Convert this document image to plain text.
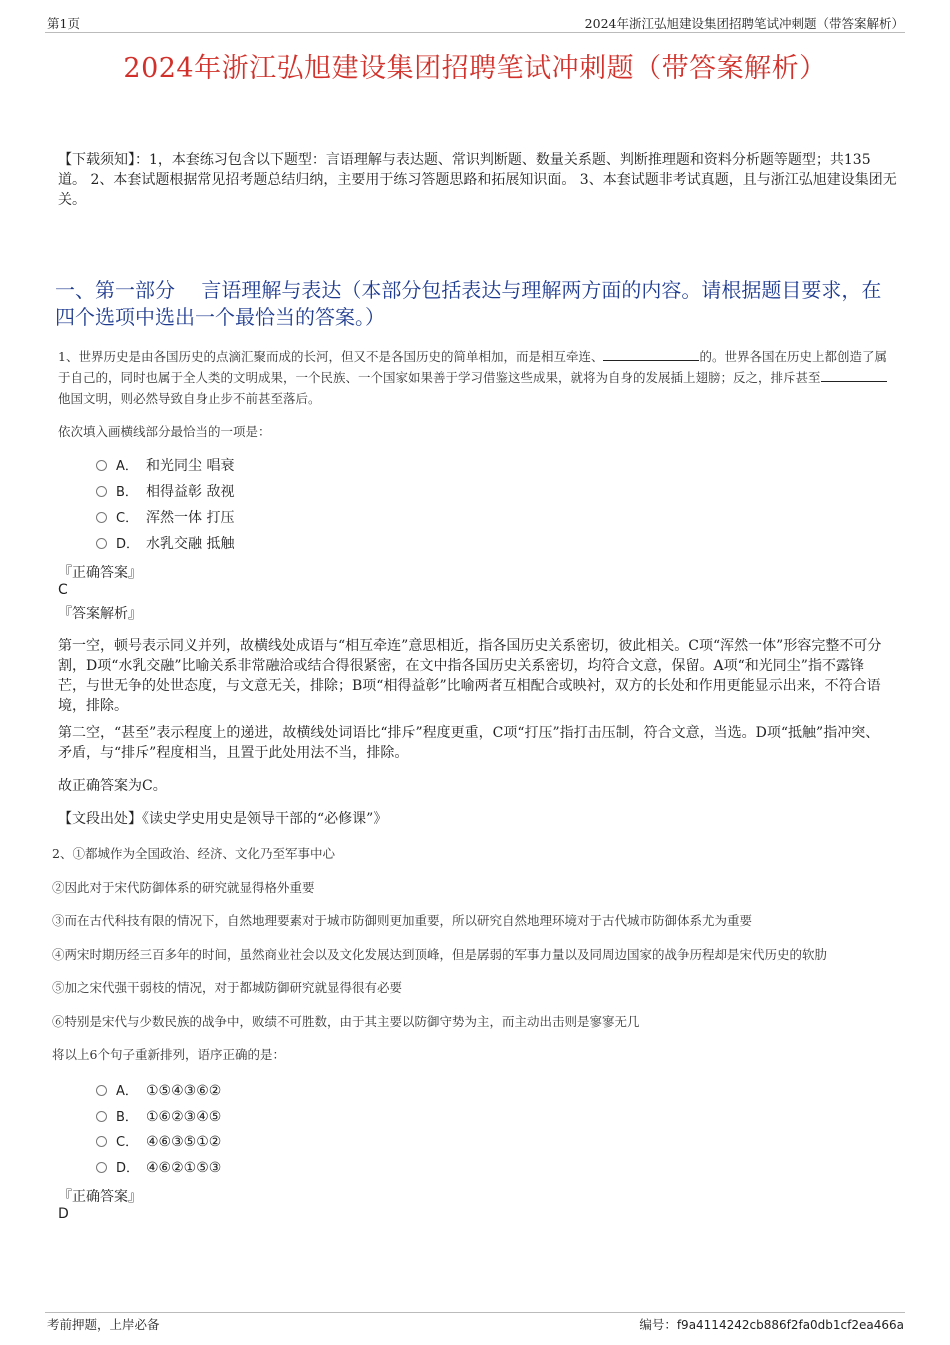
第1页	2024年浙江弘旭建设集团招聘笔试冲刺题（带答案解析）
2024年浙江弘旭建设集团招聘笔试冲刺题（带答案解析）
【下载须知】：1，本套练习包含以下题型：言语理解与表达题、常识判断题、数量关系题、判断推理题和资料分析题等题型；共135道。 2、本套试题根据常见招考题总结归纳，主要用于练习答题思路和拓展知识面。 3、本套试题非考试真题，且与浙江弘旭建设集团无关。
一、第一部分　 言语理解与表达（本部分包括表达与理解两方面的内容。请根据题目要求，在四个选项中选出一个最恰当的答案。）
1、世界历史是由各国历史的点滴汇聚而成的长河，但又不是各国历史的简单相加，而是相互牵连、	的。世界各国在历史上都创造了属于自己的，同时也属于全人类的文明成果，一个民族、一个国家如果善于学习借鉴这些成果，就将为自身的发展插上翅膀；反之，排斥甚至他国文明，则必然导致自身止步不前甚至落后。
依次填入画横线部分最恰当的一项是：
A． 和光同尘 唱衰
B． 相得益彰 敌视
C． 浑然一体 打压
D． 水乳交融 抵触
『正确答案』
C
『答案解析』
第一空，顿号表示同义并列，故横线处成语与“相互牵连”意思相近，指各国历史关系密切，彼此相关。C项“浑然一体”形容完整不可分割，D项“水乳交融”比喻关系非常融洽或结合得很紧密，在文中指各国历史关系密切，均符合文意，保留。A项“和光同尘”指不露锋芒，与世无争的处世态度，与文意无关，排除；B项“相得益彰”比喻两者互相配合或映衬，双方的长处和作用更能显示出来，不符合语境，排除。
第二空，“甚至”表示程度上的递进，故横线处词语比“排斥”程度更重，C项“打压”指打击压制，符合文意，当选。D项“抵触”指冲突、矛盾，与“排斥”程度相当，且置于此处用法不当，排除。
故正确答案为C。
【文段出处】《读史学史用史是领导干部的“必修课”》
2、①都城作为全国政治、经济、文化乃至军事中心
②因此对于宋代防御体系的研究就显得格外重要
③而在古代科技有限的情况下，自然地理要素对于城市防御则更加重要，所以研究自然地理环境对于古代城市防御体系尤为重要
④两宋时期历经三百多年的时间，虽然商业社会以及文化发展达到顶峰，但是孱弱的军事力量以及同周边国家的战争历程却是宋代历史的软肋
⑤加之宋代强干弱枝的情况，对于都城防御研究就显得很有必要
⑥特别是宋代与少数民族的战争中，败绩不可胜数，由于其主要以防御守势为主，而主动出击则是寥寥无几
将以上6个句子重新排列，语序正确的是：
A． ①⑤④③⑥②
B． ①⑥②③④⑤
C． ④⑥③⑤①②
D． ④⑥②①⑤③
『正确答案』
D
考前押题，上岸必备	编号：f9a4114242cb886f2fa0db1cf2ea466a
